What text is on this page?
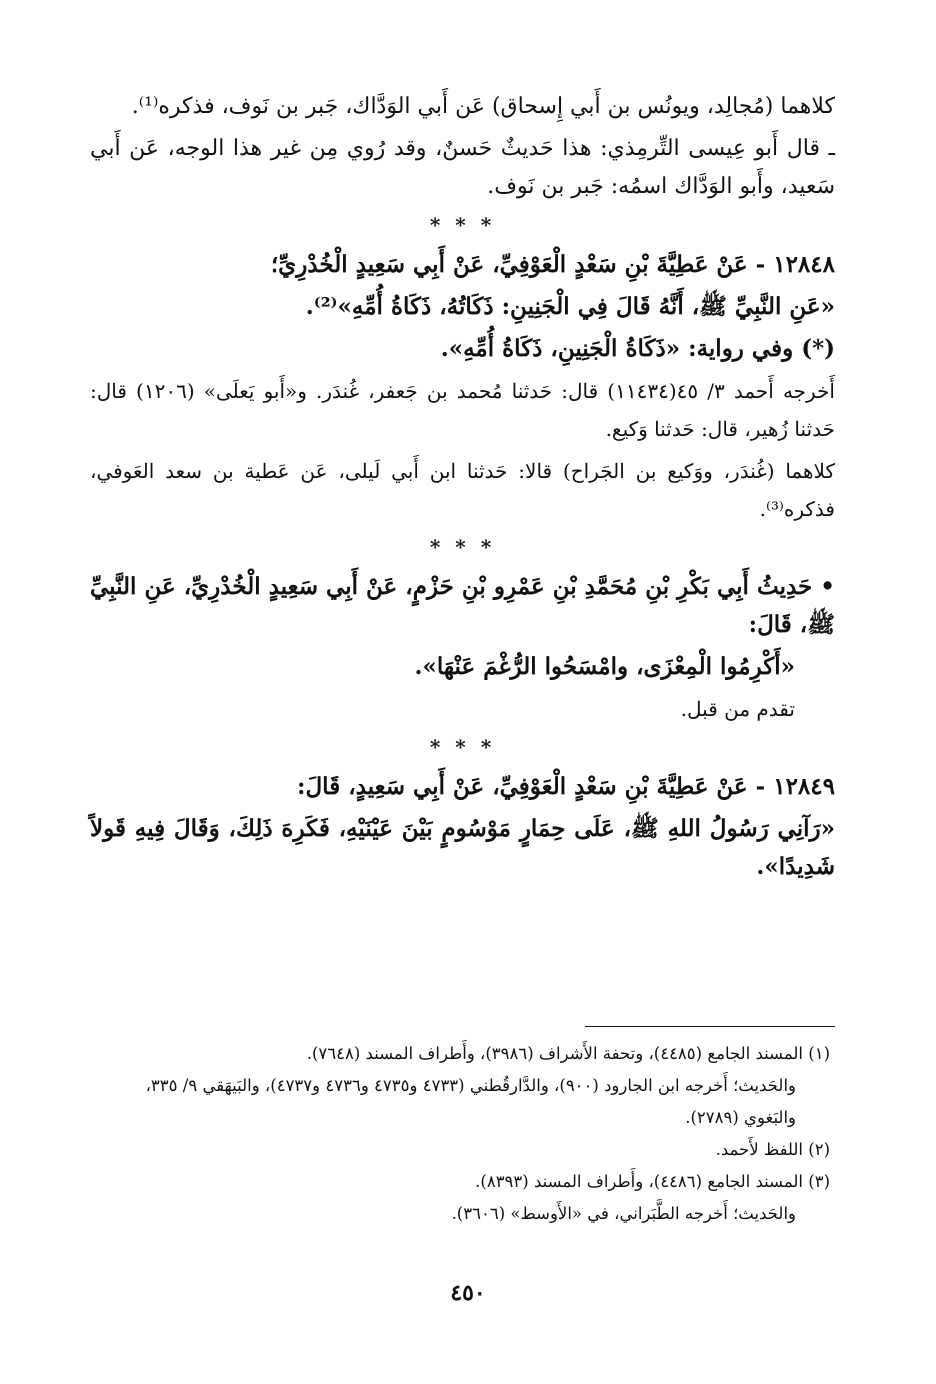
كلاهما (مُجالِد، ويونُس بن أَبي إِسحاق) عَن أَبي الوَدَّاك، جَبر بن نَوف، فذكره⁽¹⁾.

ـ قال أَبو عِيسى التِّرمِذي: هذا حَديثٌ حَسنٌ، وقد رُوي مِن غير هذا الوجه، عَن أَبي سَعيد، وأَبو الوَدَّاك اسمُه: جَبر بن نَوف.

* * *

١٢٨٤٨ - عَنْ عَطِيَّةَ بْنِ سَعْدٍ الْعَوْفِيِّ، عَنْ أَبِي سَعِيدٍ الْخُدْرِيِّ؛

«عَنِ النَّبِيِّ ﷺ، أَنَّهُ قَالَ فِي الْجَنِينِ: ذَكَاتُهُ، ذَكَاةُ أُمِّهِ»⁽²⁾.

(*) وفي رواية: «ذَكَاةُ الْجَنِينِ، ذَكَاةُ أُمِّهِ».

أَخرجه أَحمد ٣/ ٤٥(١١٤٣٤) قال: حَدثنا مُحمد بن جَعفر، غُندَر. و«أَبو يَعلَى» (١٢٠٦) قال: حَدثنا زُهير، قال: حَدثنا وَكيع.

كلاهما (غُندَر، ووَكيع بن الجَراح) قالا: حَدثنا ابن أَبي لَيلى، عَن عَطية بن سعد العَوفي، فذكره⁽³⁾.

* * *

• حَدِيثُ أَبِي بَكْرِ بْنِ مُحَمَّدِ بْنِ عَمْرِو بْنِ حَزْمٍ، عَنْ أَبِي سَعِيدٍ الْخُدْرِيِّ، عَنِ النَّبِيِّ ﷺ، قَالَ:

«أَكْرِمُوا الْمِعْزَى، وامْسَحُوا الرُّغْمَ عَنْهَا».

تقدم من قبل.

* * *

١٢٨٤٩ - عَنْ عَطِيَّةَ بْنِ سَعْدٍ الْعَوْفِيِّ، عَنْ أَبِي سَعِيدٍ، قَالَ:

«رَآنِي رَسُولُ اللهِ ﷺ، عَلَى حِمَارٍ مَوْسُومٍ بَيْنَ عَيْنَيْهِ، فَكَرِهَ ذَلِكَ، وَقَالَ فِيهِ قَولاً شَدِيدًا».

(١) المسند الجامع (٤٤٨٥)، وتحفة الأَشراف (٣٩٨٦)، وأَطراف المسند (٧٦٤٨).

والحَديث؛ أَخرجه ابن الجارود (٩٠٠)، والدَّارقُطني (٤٧٣٣ و٤٧٣٥ و٤٧٣٦ و٤٧٣٧)، والبَيهَقي ٩/ ٣٣٥، والبَغوي (٢٧٨٩).

(٢) اللفظ لأَحمد.

(٣) المسند الجامع (٤٤٨٦)، وأَطراف المسند (٨٣٩٣).

والحَديث؛ أَخرجه الطَّبَراني، في «الأَوسط» (٣٦٠٦).

٤٥٠
